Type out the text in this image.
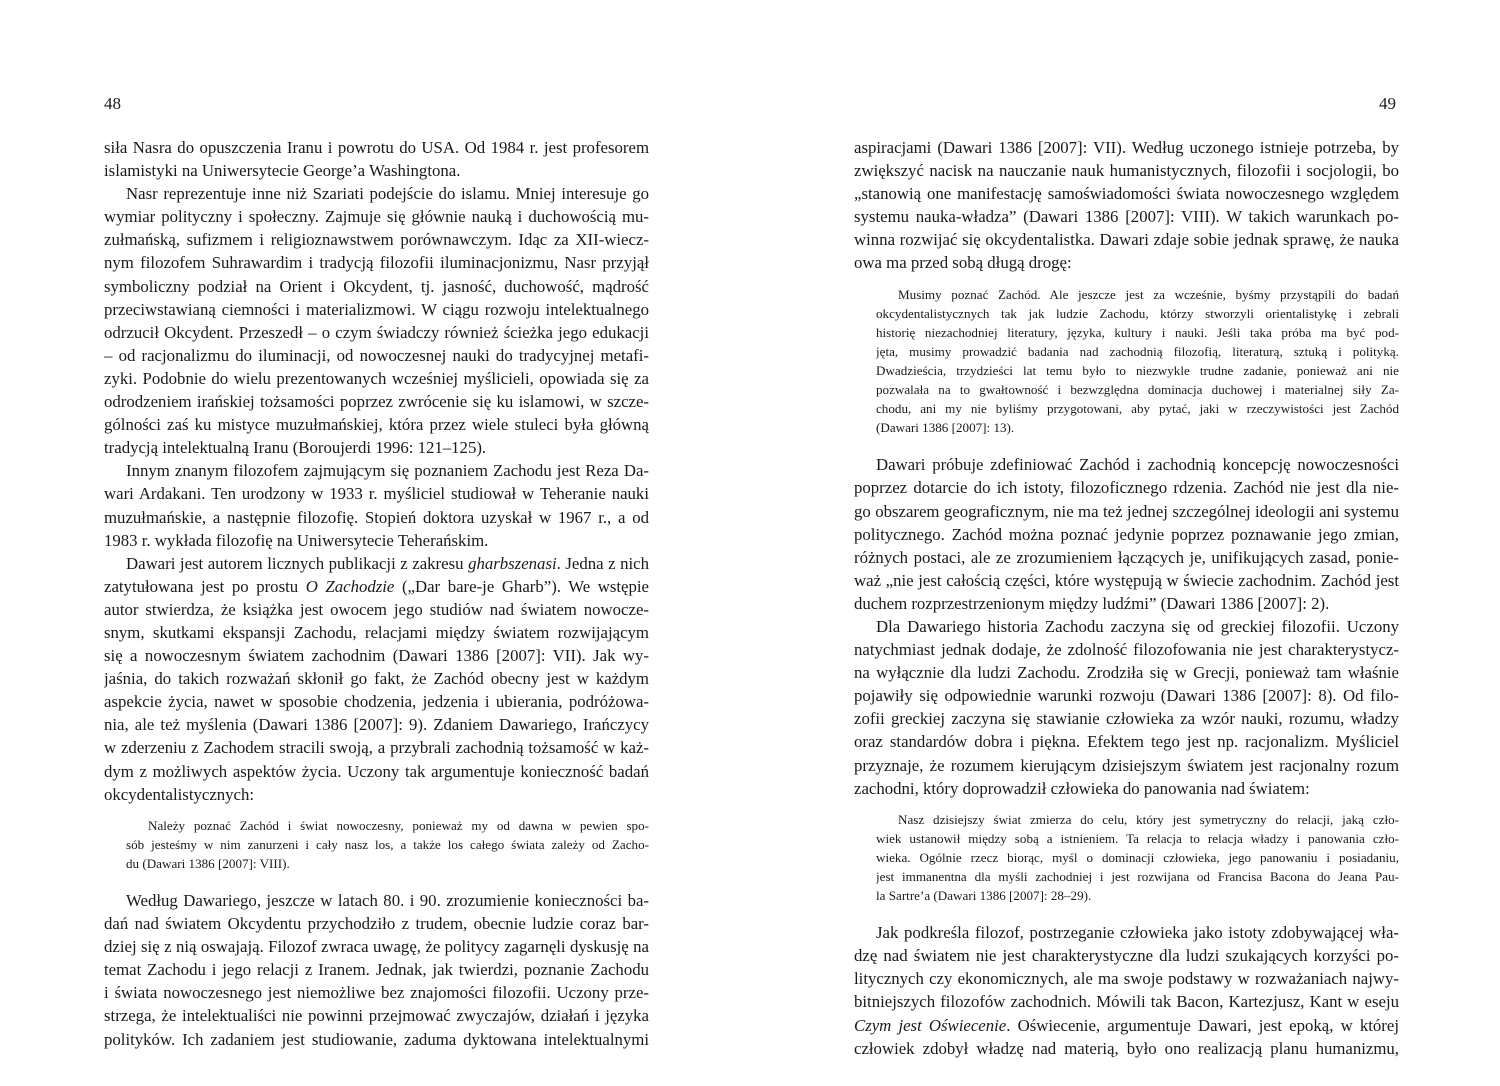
48
siła Nasra do opuszczenia Iranu i powrotu do USA. Od 1984 r. jest profesorem
islamistyki na Uniwersytecie George’a Washingtona.
Nasr reprezentuje inne niż Szariati podejście do islamu. Mniej interesuje go
wymiar polityczny i społeczny. Zajmuje się głównie nauką i duchowością mu-
zułmańską, sufizmem i religioznawstwem porównawczym. Idąc za XII-wiecz-
nym filozofem Suhrawardim i tradycją filozofii iluminacjonizmu, Nasr przyjął
symboliczny podział na Orient i Okcydent, tj. jasność, duchowość, mądrość
przeciwstawianą ciemności i materializmowi. W ciągu rozwoju intelektualnego
odrzucił Okcydent. Przeszedł – o czym świadczy również ścieżka jego edukacji
– od racjonalizmu do iluminacji, od nowoczesnej nauki do tradycyjnej metafi-
zyki. Podobnie do wielu prezentowanych wcześniej myślicieli, opowiada się za
odrodzeniem irańskiej tożsamości poprzez zwrócenie się ku islamowi, w szcze-
gólności zaś ku mistyce muzułmańskiej, która przez wiele stuleci była główną
tradycją intelektualną Iranu (Boroujerdi 1996: 121–125).
Innym znanym filozofem zajmującym się poznaniem Zachodu jest Reza Da-
wari Ardakani. Ten urodzony w 1933 r. myśliciel studiował w Teheranie nauki
muzułmańskie, a następnie filozofię. Stopień doktora uzyskał w 1967 r., a od
1983 r. wykłada filozofię na Uniwersytecie Teherańskim.
Dawari jest autorem licznych publikacji z zakresu gharbszenasi. Jedna z nich
zatytułowana jest po prostu O Zachodzie („Dar bare-je Gharb”). We wstępie
autor stwierdza, że książka jest owocem jego studiów nad światem nowocze-
snym, skutkami ekspansji Zachodu, relacjami między światem rozwijającym
się a nowoczesnym światem zachodnim (Dawari 1386 [2007]: VII). Jak wy-
jaśnia, do takich rozważań skłonił go fakt, że Zachód obecny jest w każdym
aspekcie życia, nawet w sposobie chodzenia, jedzenia i ubierania, podróżowa-
nia, ale też myślenia (Dawari 1386 [2007]: 9). Zdaniem Dawariego, Irańczycy
w zderzeniu z Zachodem stracili swoją, a przybrali zachodnią tożsamość w każ-
dym z możliwych aspektów życia. Uczony tak argumentuje konieczność badań
okcydentalistycznych:
Należy poznać Zachód i świat nowoczesny, ponieważ my od dawna w pewien spo-
sób jesteśmy w nim zanurzeni i cały nasz los, a także los całego świata zależy od Zacho-
du (Dawari 1386 [2007]: VIII).
Według Dawariego, jeszcze w latach 80. i 90. zrozumienie konieczności ba-
dań nad światem Okcydentu przychodziło z trudem, obecnie ludzie coraz bar-
dziej się z nią oswajają. Filozof zwraca uwagę, że politycy zagarnęli dyskusję na
temat Zachodu i jego relacji z Iranem. Jednak, jak twierdzi, poznanie Zachodu
i świata nowoczesnego jest niemożliwe bez znajomości filozofii. Uczony prze-
strzega, że intelektualiści nie powinni przejmować zwyczajów, działań i języka
polityków. Ich zadaniem jest studiowanie, zaduma dyktowana intelektualnymi
49
aspiracjami (Dawari 1386 [2007]: VII). Według uczonego istnieje potrzeba, by
zwiększyć nacisk na nauczanie nauk humanistycznych, filozofii i socjologii, bo
„stanowią one manifestację samoświadomości świata nowoczesnego względem
systemu nauka-władza” (Dawari 1386 [2007]: VIII). W takich warunkach po-
winna rozwijać się okcydentalistka. Dawari zdaje sobie jednak sprawę, że nauka
owa ma przed sobą długą drogę:
Musimy poznać Zachód. Ale jeszcze jest za wcześnie, byśmy przystąpili do badań
okcydentalistycznych tak jak ludzie Zachodu, którzy stworzyli orientalistykę i zebrali
historię niezachodniej literatury, języka, kultury i nauki. Jeśli taka próba ma być pod-
jęta, musimy prowadzić badania nad zachodnią filozofią, literaturą, sztuką i polityką.
Dwadzieścia, trzydzieści lat temu było to niezwykle trudne zadanie, ponieważ ani nie
pozwalała na to gwałtowność i bezwzględna dominacja duchowej i materialnej siły Za-
chodu, ani my nie byliśmy przygotowani, aby pytać, jaki w rzeczywistości jest Zachód
(Dawari 1386 [2007]: 13).
Dawari próbuje zdefiniować Zachód i zachodnią koncepcję nowoczesności
poprzez dotarcie do ich istoty, filozoficznego rdzenia. Zachód nie jest dla nie-
go obszarem geograficznym, nie ma też jednej szczególnej ideologii ani systemu
politycznego. Zachód można poznać jedynie poprzez poznawanie jego zmian,
różnych postaci, ale ze zrozumieniem łączących je, unifikujących zasad, ponie-
waż „nie jest całością części, które występują w świecie zachodnim. Zachód jest
duchem rozprzestrzenionym między ludźmi” (Dawari 1386 [2007]: 2).
Dla Dawariego historia Zachodu zaczyna się od greckiej filozofii. Uczony
natychmiast jednak dodaje, że zdolność filozofowania nie jest charakterystycz-
na wyłącznie dla ludzi Zachodu. Zrodziła się w Grecji, ponieważ tam właśnie
pojawiły się odpowiednie warunki rozwoju (Dawari 1386 [2007]: 8). Od filo-
zofii greckiej zaczyna się stawianie człowieka za wzór nauki, rozumu, władzy
oraz standardów dobra i piękna. Efektem tego jest np. racjonalizm. Myśliciel
przyznaje, że rozumem kierującym dzisiejszym światem jest racjonalny rozum
zachodni, który doprowadził człowieka do panowania nad światem:
Nasz dzisiejszy świat zmierza do celu, który jest symetryczny do relacji, jaką czło-
wiek ustanowił między sobą a istnieniem. Ta relacja to relacja władzy i panowania czło-
wieka. Ogólnie rzecz biorąc, myśl o dominacji człowieka, jego panowaniu i posiadaniu,
jest immanentna dla myśli zachodniej i jest rozwijana od Francisa Bacona do Jeana Pau-
la Sartre’a (Dawari 1386 [2007]: 28–29).
Jak podkreśla filozof, postrzeganie człowieka jako istoty zdobywającej wła-
dzę nad światem nie jest charakterystyczne dla ludzi szukających korzyści po-
litycznych czy ekonomicznych, ale ma swoje podstawy w rozważaniach najwy-
bitniejszych filozofów zachodnich. Mówili tak Bacon, Kartezjusz, Kant w eseju
Czym jest Oświecenie. Oświecenie, argumentuje Dawari, jest epoką, w której
człowiek zdobył władzę nad materią, było ono realizacją planu humanizmu,
